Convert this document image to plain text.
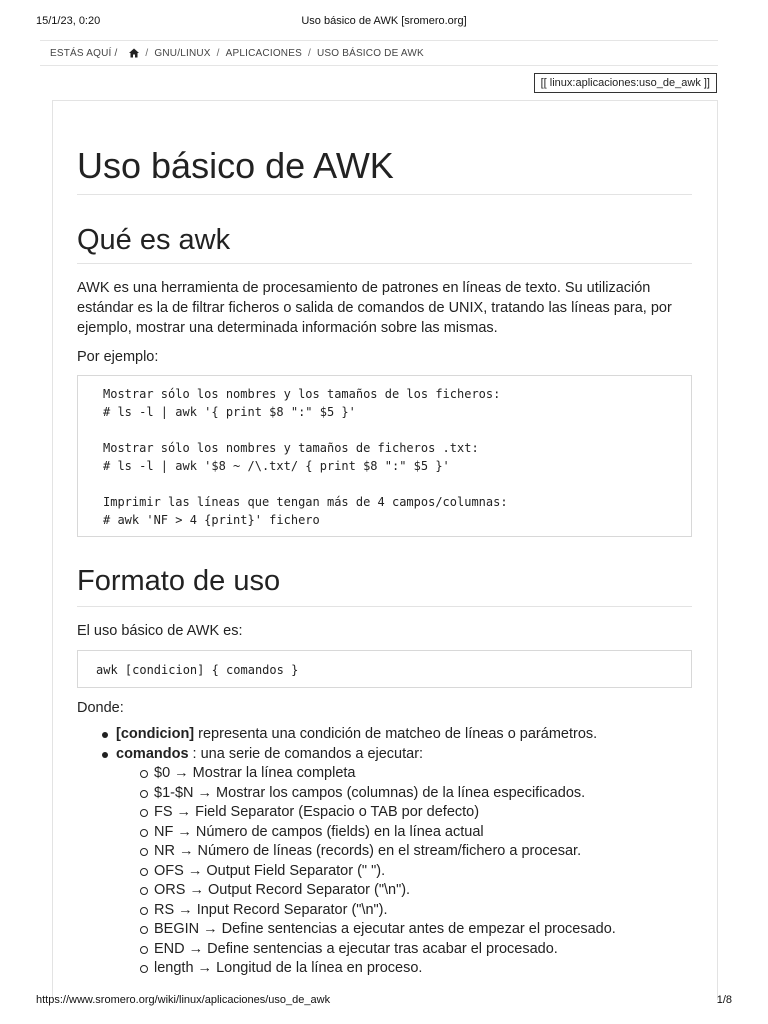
15/1/23, 0:20	Uso básico de AWK [sromero.org]
ESTÁS AQUÍ /	/ GNU/LINUX / APLICACIONES / USO BÁSICO DE AWK
[[ linux:aplicaciones:uso_de_awk ]]
Uso básico de AWK
Qué es awk

AWK es una herramienta de procesamiento de patrones en líneas de texto. Su utilización estándar es la de filtrar ficheros o salida de comandos de UNIX, tratando las líneas para, por ejemplo, mostrar una determinada información sobre las mismas.

Por ejemplo:

Mostrar sólo los nombres y los tamaños de los ficheros:
# ls -l | awk '{ print $8 ":" $5 }'
Mostrar sólo los nombres y tamaños de ficheros .txt:
# ls -l | awk '$8 ~ /\.txt/ { print $8 ":" $5 }'
Imprimir las líneas que tengan más de 4 campos/columnas:
# awk 'NF > 4 {print}' fichero
Formato de uso

El uso básico de AWK es:

awk [condicion] { comandos }

Donde:

[condicion] representa una condición de matcheo de líneas o parámetros.
comandos : una serie de comandos a ejecutar:
$0 → Mostrar la línea completa
$1-$N → Mostrar los campos (columnas) de la línea especificados.
FS → Field Separator (Espacio o TAB por defecto)
NF → Número de campos (fields) en la línea actual
NR → Número de líneas (records) en el stream/fichero a procesar.
OFS → Output Field Separator (" ").
ORS → Output Record Separator ("\n").
RS → Input Record Separator ("\n").
BEGIN → Define sentencias a ejecutar antes de empezar el procesado.
END → Define sentencias a ejecutar tras acabar el procesado.
length → Longitud de la línea en proceso.
https://www.sromero.org/wiki/linux/aplicaciones/uso_de_awk	1/8
